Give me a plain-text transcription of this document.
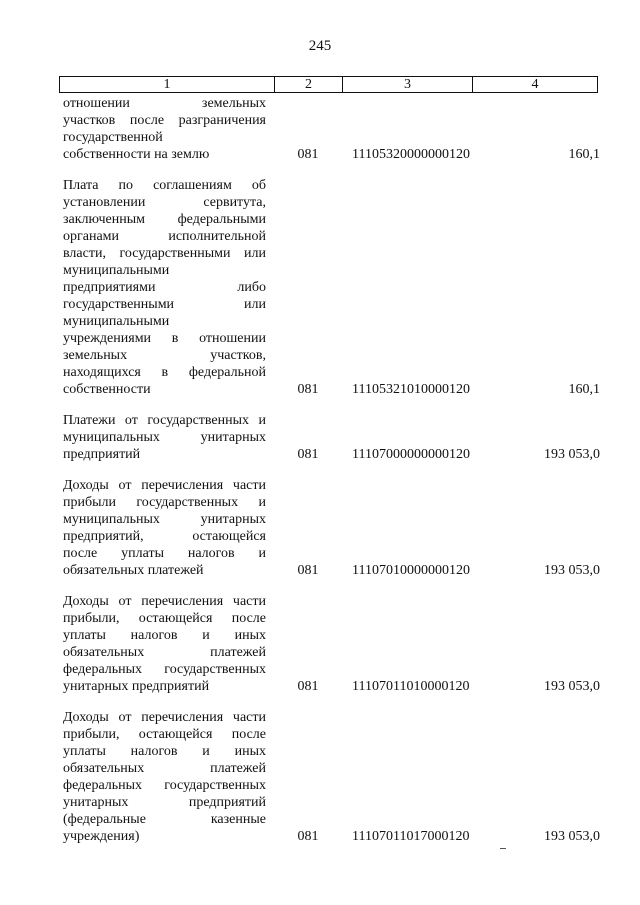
245
1	2	3	4
отношении земельных
участков после разграничения
государственной
собственности на землю	081	11105320000000120	160,1
Плата по соглашениям об
установлении сервитута,
заключенным федеральными
органами исполнительной
власти, государственными или
муниципальными
предприятиями либо
государственными или
муниципальными
учреждениями в отношении
земельных участков,
находящихся в федеральной
собственности	081	11105321010000120	160,1
Платежи от государственных и
муниципальных унитарных
предприятий	081	11107000000000120	193 053,0
Доходы от перечисления части
прибыли государственных и
муниципальных унитарных
предприятий, остающейся
после уплаты налогов и
обязательных платежей	081	11107010000000120	193 053,0
Доходы от перечисления части
прибыли, остающейся после
уплаты налогов и иных
обязательных платежей
федеральных государственных
унитарных предприятий	081	11107011010000120	193 053,0
Доходы от перечисления части
прибыли, остающейся после
уплаты налогов и иных
обязательных платежей
федеральных государственных
унитарных предприятий
(федеральные казенные
учреждения)	081	11107011017000120	193 053,0
